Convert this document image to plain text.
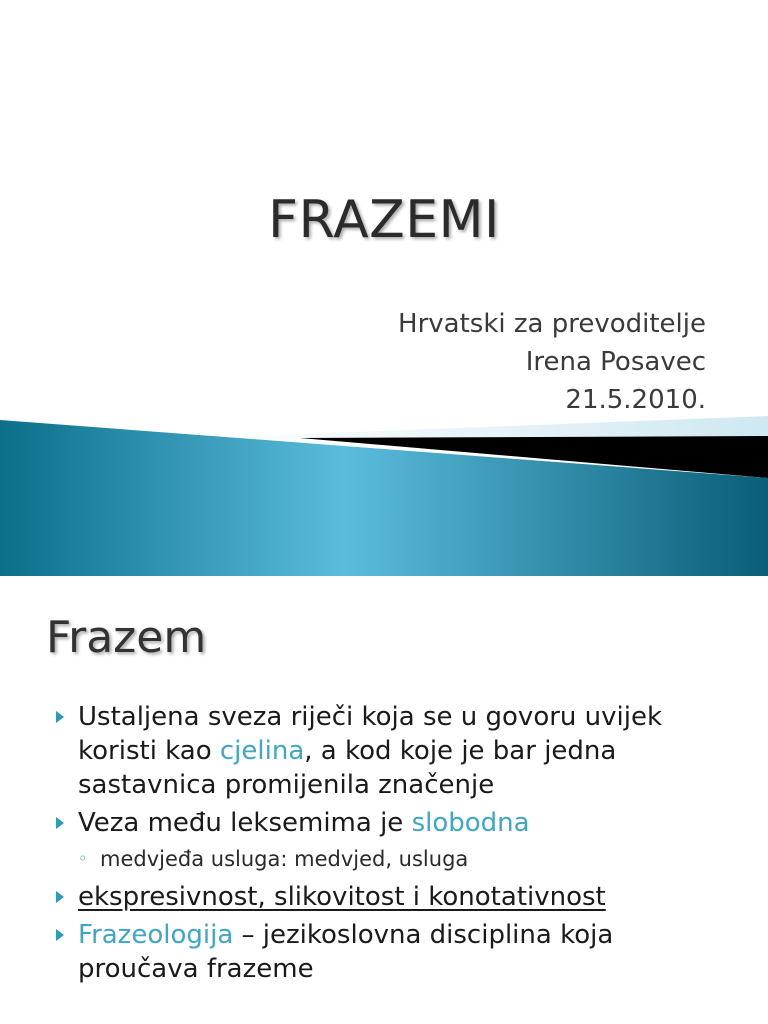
FRAZEMI
Hrvatski za prevoditelje
Irena Posavec
21.5.2010.
Frazem
Ustaljena sveza riječi koja se u govoru uvijek koristi kao cjelina, a kod koje je bar jedna sastavnica promijenila značenje
Veza među leksemima je slobodna
◦ medvjeđa usluga: medvjed, usluga
ekspresivnost, slikovitost i konotativnost
Frazeologija – jezikoslovna disciplina koja proučava frazeme
